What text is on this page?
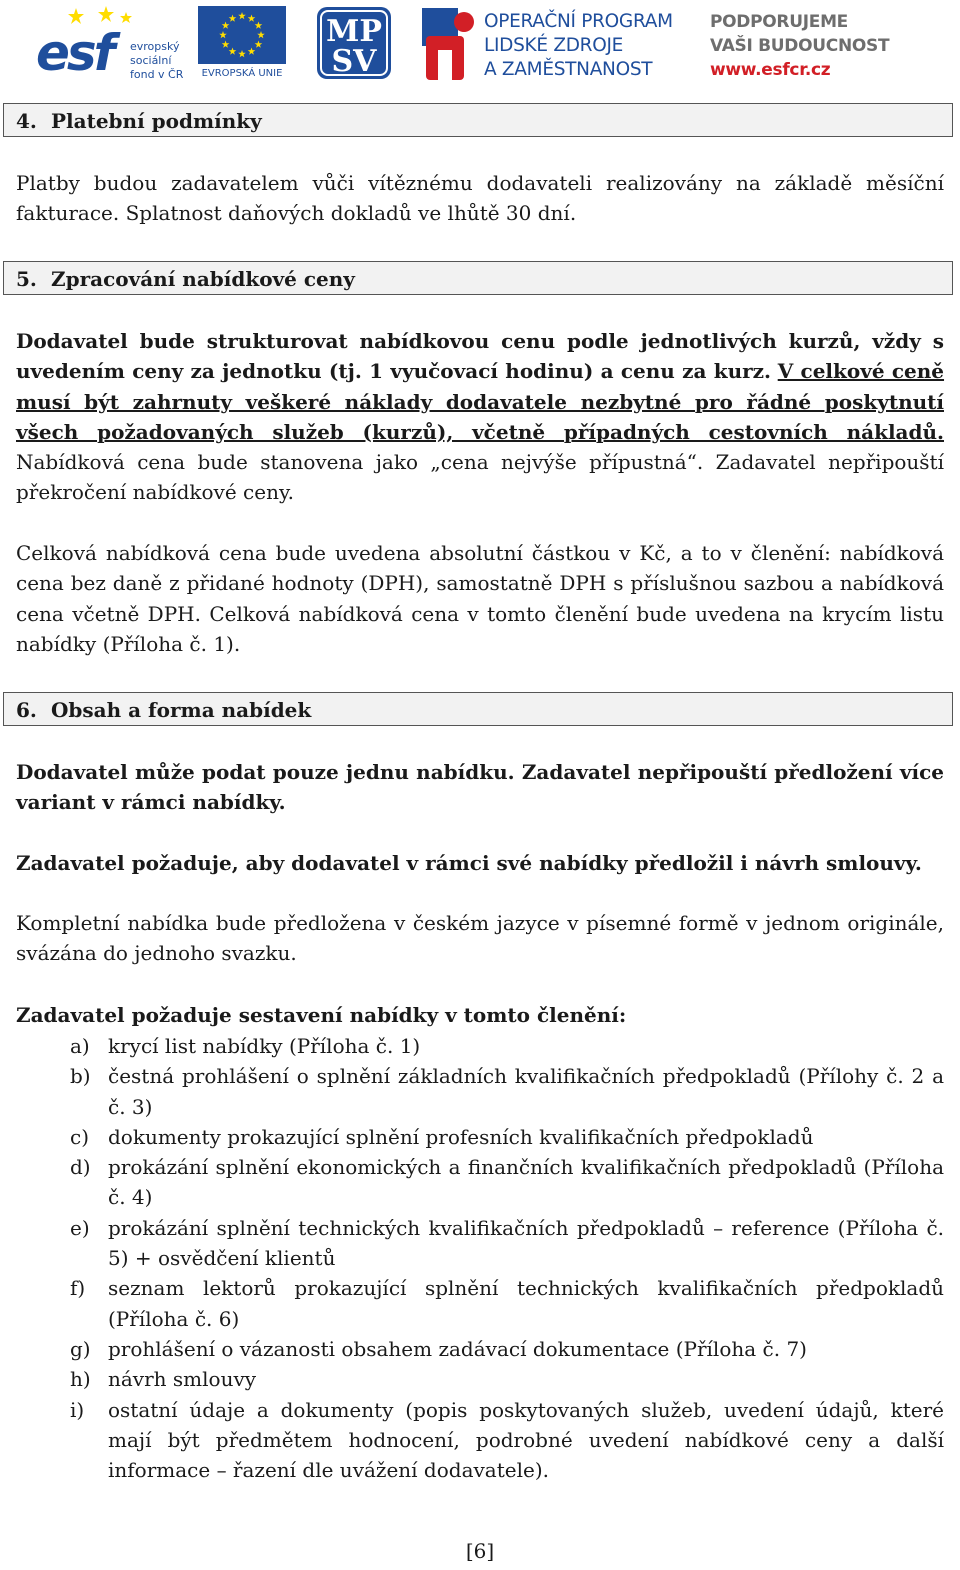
esf evropský
sociální
fond v ČR	EVROPSKÁ UNIE
MP
SV
OPERAČNÍ PROGRAM
LIDSKÉ ZDROJE
A ZAMĚSTNANOST
PODPORUJEME
VAŠI BUDOUCNOST
www.esfcr.cz
4. Platební podmínky

Platby budou zadavatelem vůči vítěznému dodavateli realizovány na základě měsíční fakturace. Splatnost daňových dokladů ve lhůtě 30 dní.

5. Zpracování nabídkové ceny

Dodavatel bude strukturovat nabídkovou cenu podle jednotlivých kurzů, vždy s uvedením ceny za jednotku (tj. 1 vyučovací hodinu) a cenu za kurz. V celkové ceně musí být zahrnuty veškeré náklady dodavatele nezbytné pro řádné poskytnutí všech požadovaných služeb (kurzů), včetně případných cestovních nákladů. Nabídková cena bude stanovena jako „cena nejvýše přípustná“. Zadavatel nepřipouští překročení nabídkové ceny.

Celková nabídková cena bude uvedena absolutní částkou v Kč, a to v členění: nabídková cena bez daně z přidané hodnoty (DPH), samostatně DPH s příslušnou sazbou a nabídková cena včetně DPH. Celková nabídková cena v tomto členění bude uvedena na krycím listu nabídky (Příloha č. 1).

6. Obsah a forma nabídek

Dodavatel může podat pouze jednu nabídku. Zadavatel nepřipouští předložení více variant v rámci nabídky.

Zadavatel požaduje, aby dodavatel v rámci své nabídky předložil i návrh smlouvy.

Kompletní nabídka bude předložena v českém jazyce v písemné formě v jednom originále, svázána do jednoho svazku.

Zadavatel požaduje sestavení nabídky v tomto členění:

a) krycí list nabídky (Příloha č. 1)
b) čestná prohlášení o splnění základních kvalifikačních předpokladů (Přílohy č. 2 a č. 3)
c) dokumenty prokazující splnění profesních kvalifikačních předpokladů
d) prokázání splnění ekonomických a finančních kvalifikačních předpokladů (Příloha č. 4)
e) prokázání splnění technických kvalifikačních předpokladů – reference (Příloha č. 5) + osvědčení klientů
f) seznam lektorů prokazující splnění technických kvalifikačních předpokladů (Příloha č. 6)
g) prohlášení o vázanosti obsahem zadávací dokumentace (Příloha č. 7)
h) návrh smlouvy
i) ostatní údaje a dokumenty (popis poskytovaných služeb, uvedení údajů, které mají být předmětem hodnocení, podrobné uvedení nabídkové ceny a další informace – řazení dle uvážení dodavatele).
[6]
